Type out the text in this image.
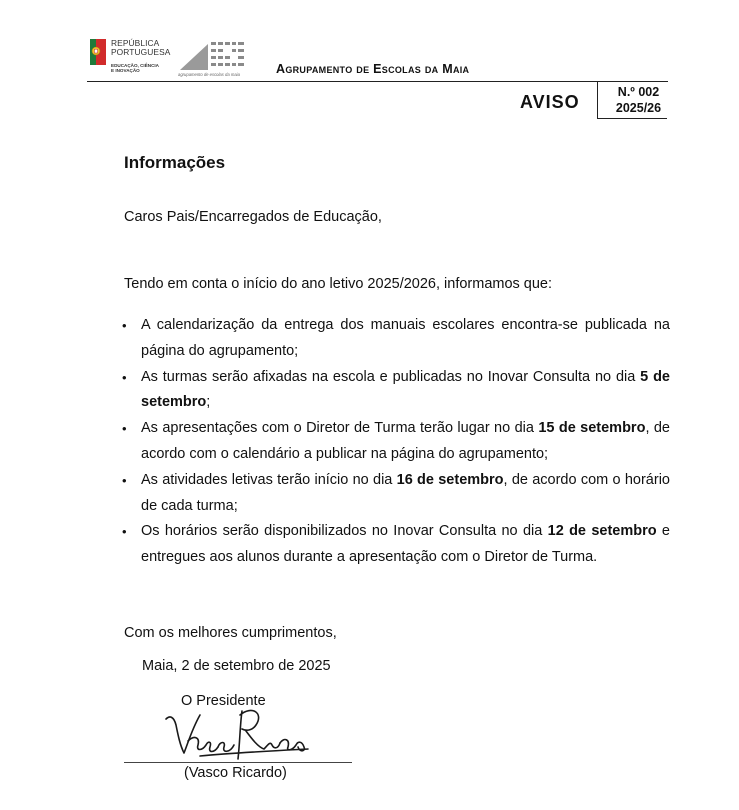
REPÚBLICA
PORTUGUESA
EDUCAÇÃO, CIÊNCIA
E INOVAÇÃO
agrupamento de escolas da maia	Agrupamento de Escolas da Maia
AVISO	N.º 002
2025/26
Informações
Caros Pais/Encarregados de Educação,
Tendo em conta o início do ano letivo 2025/2026, informamos que:
• A calendarização da entrega dos manuais escolares encontra-se publicada na página do agrupamento;
• As turmas serão afixadas na escola e publicadas no Inovar Consulta no dia 5 de setembro;
• As apresentações com o Diretor de Turma terão lugar no dia 15 de setembro, de acordo com o calendário a publicar na página do agrupamento;
• As atividades letivas terão início no dia 16 de setembro, de acordo com o horário de cada turma;
• Os horários serão disponibilizados no Inovar Consulta no dia 12 de setembro e entregues aos alunos durante a apresentação com o Diretor de Turma.
Com os melhores cumprimentos,
Maia, 2 de setembro de 2025
O Presidente
(Vasco Ricardo)
